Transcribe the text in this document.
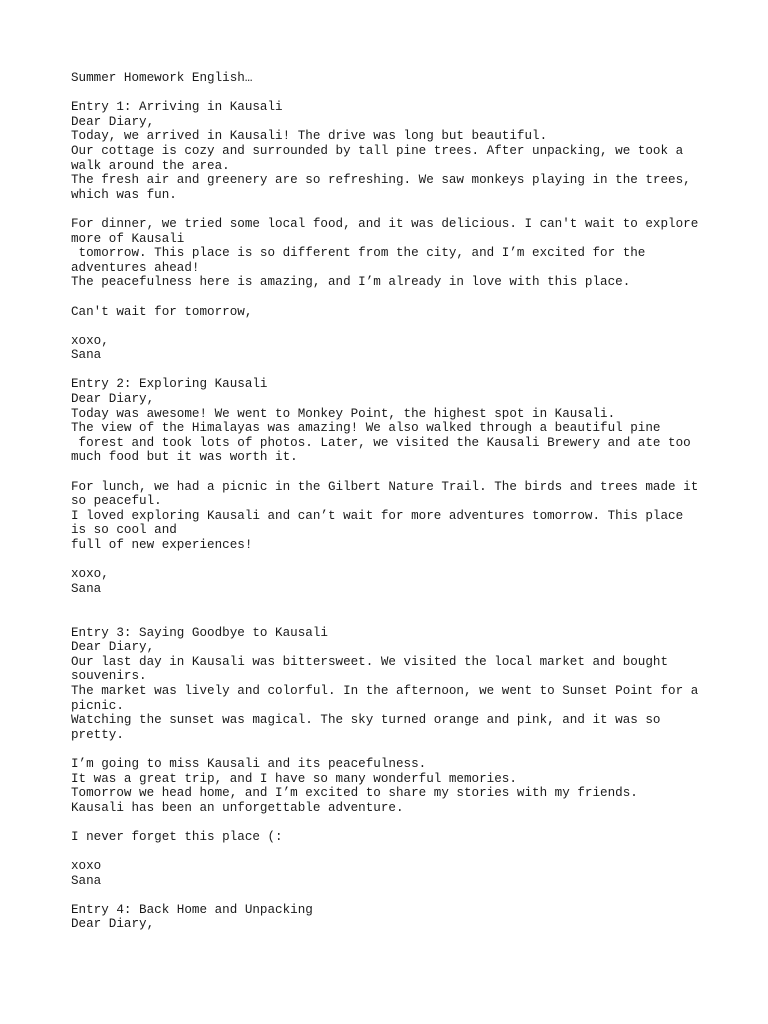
Summer Homework English…
Entry 1: Arriving in Kausali
Dear Diary,
Today, we arrived in Kausali! The drive was long but beautiful.
Our cottage is cozy and surrounded by tall pine trees. After unpacking, we took a
walk around the area.
The fresh air and greenery are so refreshing. We saw monkeys playing in the trees,
which was fun.
For dinner, we tried some local food, and it was delicious. I can't wait to explore
more of Kausali
tomorrow. This place is so different from the city, and I’m excited for the
adventures ahead!
The peacefulness here is amazing, and I’m already in love with this place.
Can't wait for tomorrow,
xoxo,
Sana
Entry 2: Exploring Kausali
Dear Diary,
Today was awesome! We went to Monkey Point, the highest spot in Kausali.
The view of the Himalayas was amazing! We also walked through a beautiful pine
forest and took lots of photos. Later, we visited the Kausali Brewery and ate too
much food but it was worth it.
For lunch, we had a picnic in the Gilbert Nature Trail. The birds and trees made it
so peaceful.
I loved exploring Kausali and can’t wait for more adventures tomorrow. This place
is so cool and
full of new experiences!
xoxo,
Sana
Entry 3: Saying Goodbye to Kausali
Dear Diary,
Our last day in Kausali was bittersweet. We visited the local market and bought
souvenirs.
The market was lively and colorful. In the afternoon, we went to Sunset Point for a
picnic.
Watching the sunset was magical. The sky turned orange and pink, and it was so
pretty.
I’m going to miss Kausali and its peacefulness.
It was a great trip, and I have so many wonderful memories.
Tomorrow we head home, and I’m excited to share my stories with my friends.
Kausali has been an unforgettable adventure.
I never forget this place (:
xoxo
Sana
Entry 4: Back Home and Unpacking
Dear Diary,
